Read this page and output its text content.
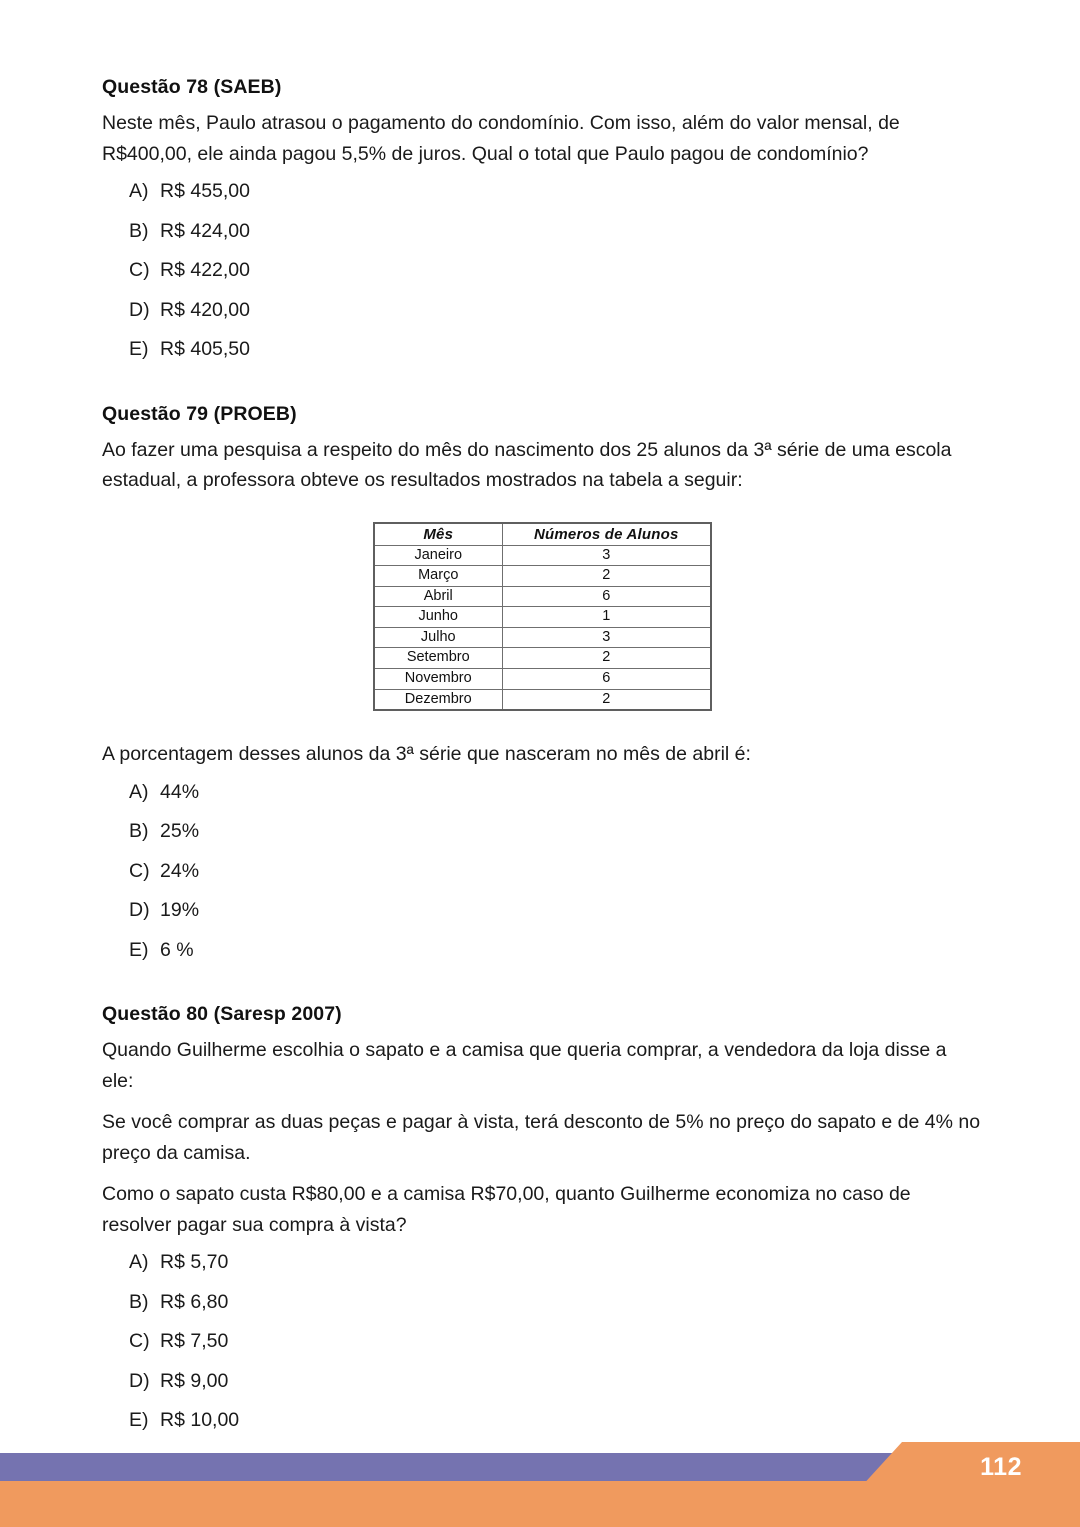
Questão 78 (SAEB)

Neste mês, Paulo atrasou o pagamento do condomínio. Com isso, além do valor mensal, de R$400,00, ele ainda pagou 5,5% de juros. Qual o total que Paulo pagou de condomínio?

A) R$ 455,00
B) R$ 424,00
C) R$ 422,00
D) R$ 420,00
E) R$ 405,50
Questão 79 (PROEB)

Ao fazer uma pesquisa a respeito do mês do nascimento dos 25 alunos da 3ª série de uma escola estadual, a professora obteve os resultados mostrados na tabela a seguir:

Mês	Números de Alunos
Janeiro	3
Março	2
Abril	6
Junho	1
Julho	3
Setembro	2
Novembro	6
Dezembro	2

A porcentagem desses alunos da 3ª série que nasceram no mês de abril é:

A) 44%
B) 25%
C) 24%
D) 19%
E) 6 %
Questão 80 (Saresp 2007)

Quando Guilherme escolhia o sapato e a camisa que queria comprar, a vendedora da loja disse a ele:

Se você comprar as duas peças e pagar à vista, terá desconto de 5% no preço do sapato e de 4% no preço da camisa.

Como o sapato custa R$80,00 e a camisa R$70,00, quanto Guilherme economiza no caso de resolver pagar sua compra à vista?

A) R$ 5,70
B) R$ 6,80
C) R$ 7,50
D) R$ 9,00
E) R$ 10,00
112
